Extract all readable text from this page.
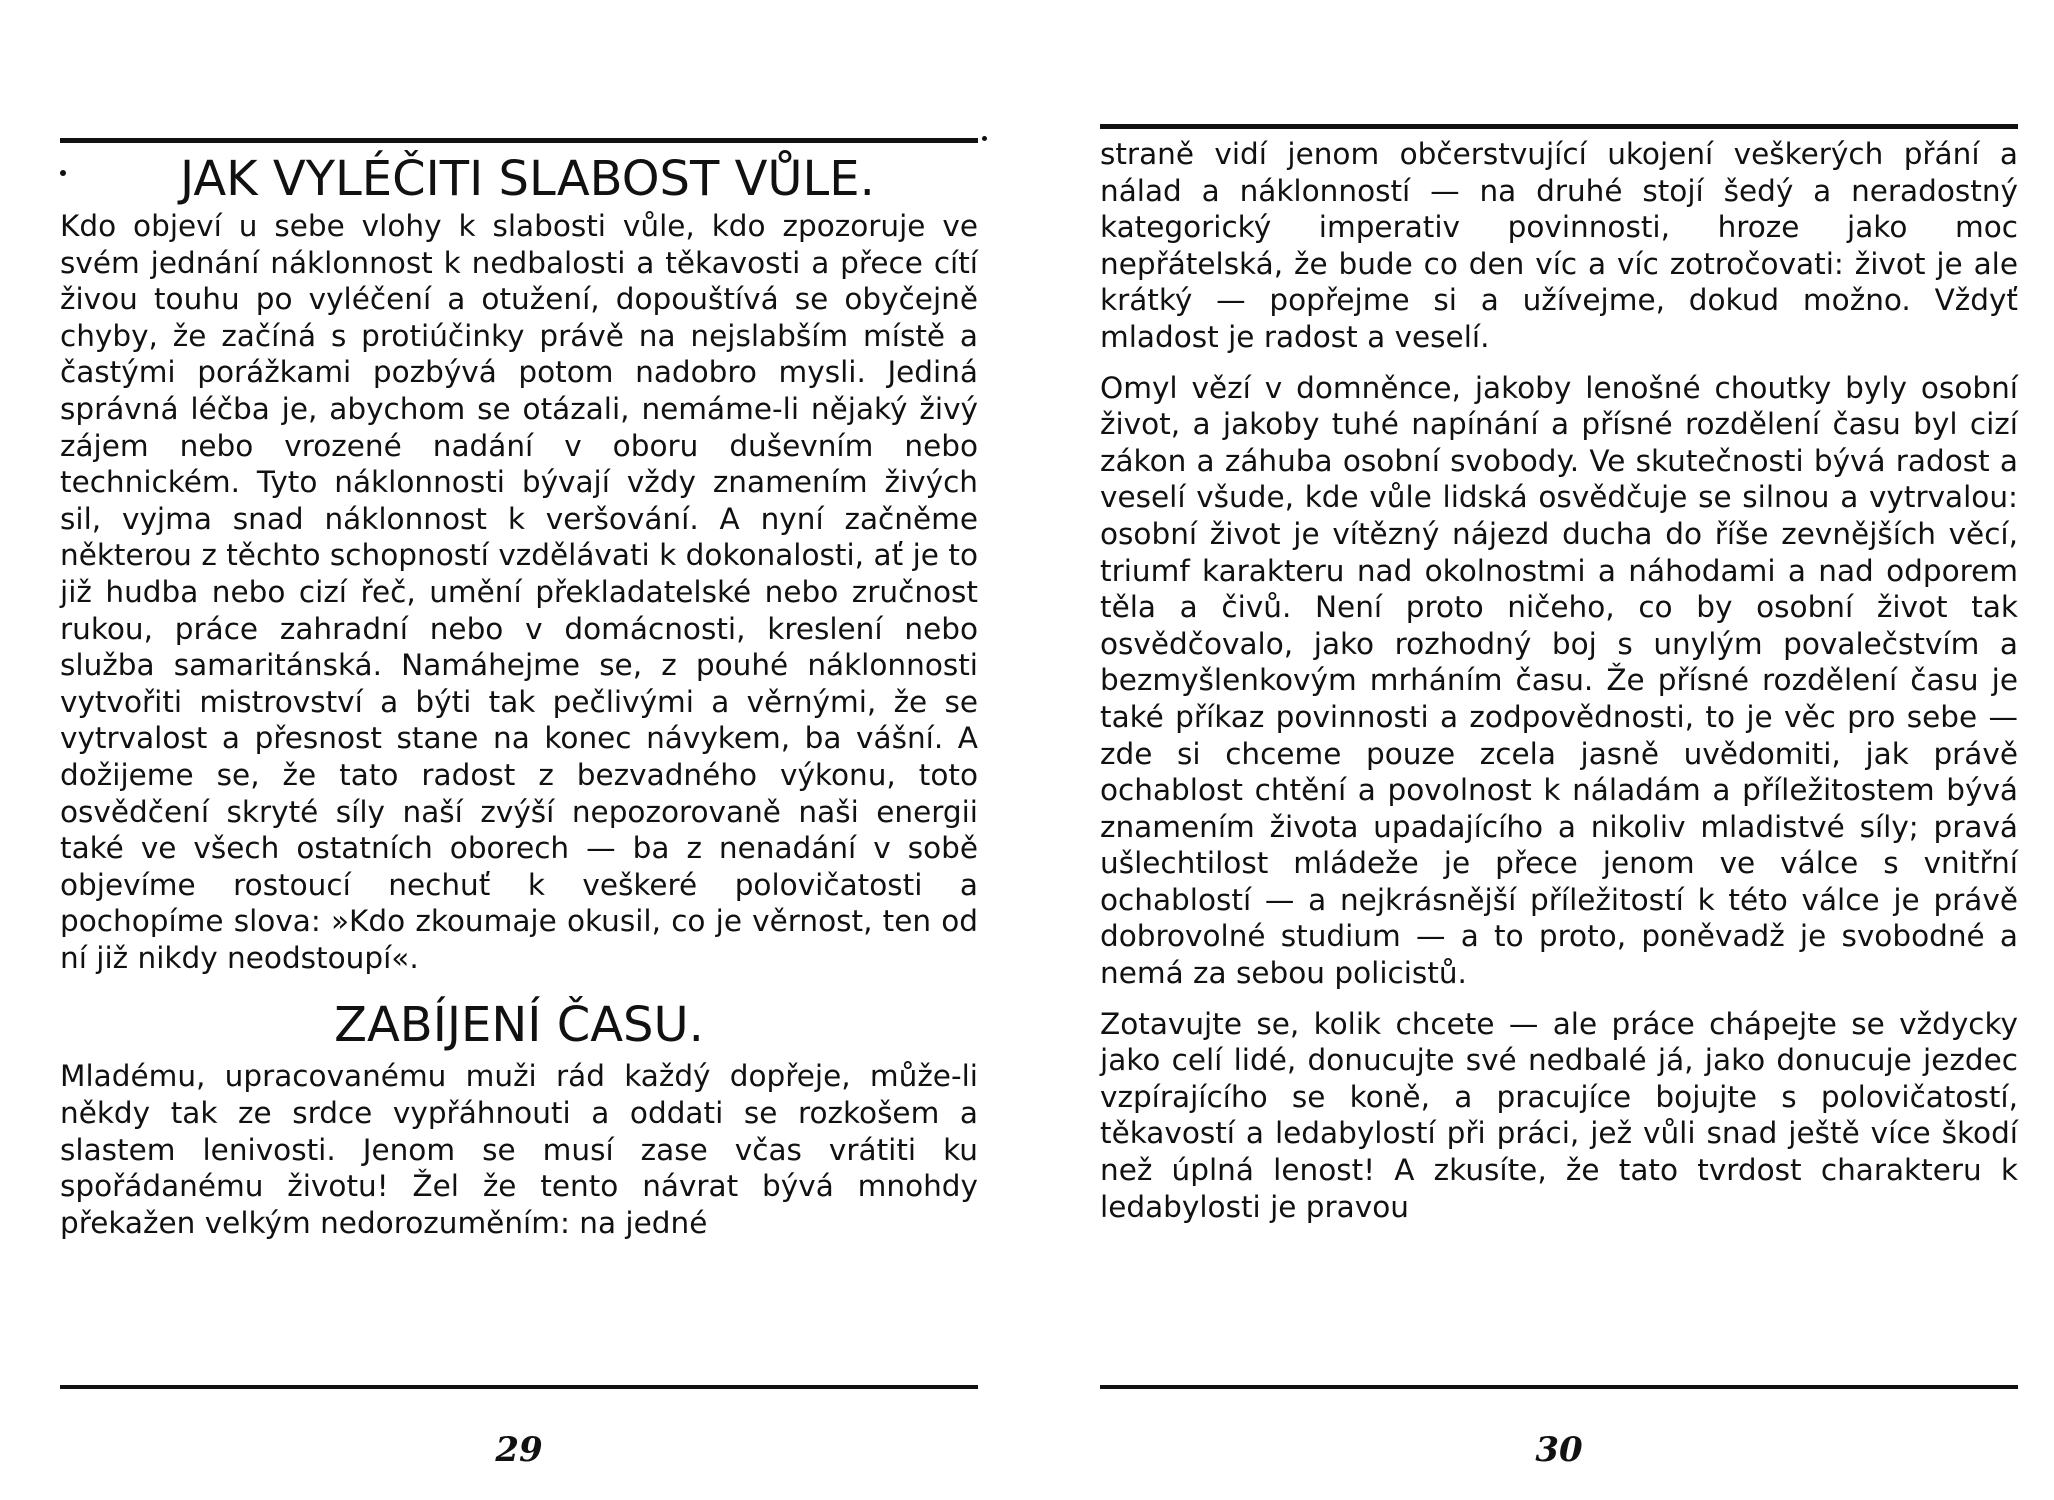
JAK VYLÉČITI SLABOST VŮLE.

Kdo objeví u sebe vlohy k slabosti vůle, kdo zpozoruje ve svém jednání náklonnost k nedbalosti a těkavosti a přece cítí živou touhu po vyléčení a otužení, dopouštívá se obyčejně chyby, že začíná s protiúčinky právě na nejslabším místě a častými porážkami pozbývá potom nadobro mysli. Jediná správná léčba je, abychom se otázali, nemáme-li nějaký živý zájem nebo vrozené nadání v oboru duševním nebo technickém. Tyto náklonnosti bývají vždy znamením živých sil, vyjma snad náklonnost k veršování. A nyní začněme některou z těchto schopností vzdělávati k dokonalosti, ať je to již hudba nebo cizí řeč, umění překladatelské nebo zručnost rukou, práce zahradní nebo v domácnosti, kreslení nebo služba samaritánská. Namáhejme se, z pouhé náklonnosti vytvořiti mistrovství a býti tak pečlivými a věrnými, že se vytrvalost a přesnost stane na konec návykem, ba vášní. A dožijeme se, že tato radost z bezvadného výkonu, toto osvědčení skryté síly naší zvýší nepozorovaně naši energii také ve všech ostatních oborech — ba z nenadání v sobě objevíme rostoucí nechuť k veškeré polovičatosti a pochopíme slova: »Kdo zkoumaje okusil, co je věrnost, ten od ní již nikdy neodstoupí«.

ZABÍJENÍ ČASU.

Mladému, upracovanému muži rád každý dopřeje, může-li někdy tak ze srdce vypřáhnouti a oddati se rozkošem a slastem lenivosti. Jenom se musí zase včas vrátiti ku spořádanému životu! Žel že tento návrat bývá mnohdy překažen velkým nedorozuměním: na jedné

29

straně vidí jenom občerstvující ukojení veškerých přání a nálad a náklonností — na druhé stojí šedý a neradostný kategorický imperativ povinnosti, hroze jako moc nepřátelská, že bude co den víc a víc zotročovati: život je ale krátký — popřejme si a užívejme, dokud možno. Vždyť mladost je radost a veselí.

Omyl vězí v domněnce, jakoby lenošné choutky byly osobní život, a jakoby tuhé napínání a přísné rozdělení času byl cizí zákon a záhuba osobní svobody. Ve skutečnosti bývá radost a veselí všude, kde vůle lidská osvědčuje se silnou a vytrvalou: osobní život je vítězný nájezd ducha do říše zevnějších věcí, triumf karakteru nad okolnostmi a náhodami a nad odporem těla a čivů. Není proto ničeho, co by osobní život tak osvědčovalo, jako rozhodný boj s unylým povalečstvím a bezmyšlenkovým mrháním času. Že přísné rozdělení času je také příkaz povinnosti a zodpovědnosti, to je věc pro sebe — zde si chceme pouze zcela jasně uvědomiti, jak právě ochablost chtění a povolnost k náladám a příležitostem bývá znamením života upadajícího a nikoliv mladistvé síly; pravá ušlechtilost mládeže je přece jenom ve válce s vnitřní ochablostí — a nejkrásnější příležitostí k této válce je právě dobrovolné studium — a to proto, poněvadž je svobodné a nemá za sebou policistů.

Zotavujte se, kolik chcete — ale práce chápejte se vždycky jako celí lidé, donucujte své nedbalé já, jako donucuje jezdec vzpírajícího se koně, a pracujíce bojujte s polovičatostí, těkavostí a ledabylostí při práci, jež vůli snad ještě více škodí než úplná lenost! A zkusíte, že tato tvrdost charakteru k ledabylosti je pravou

30
